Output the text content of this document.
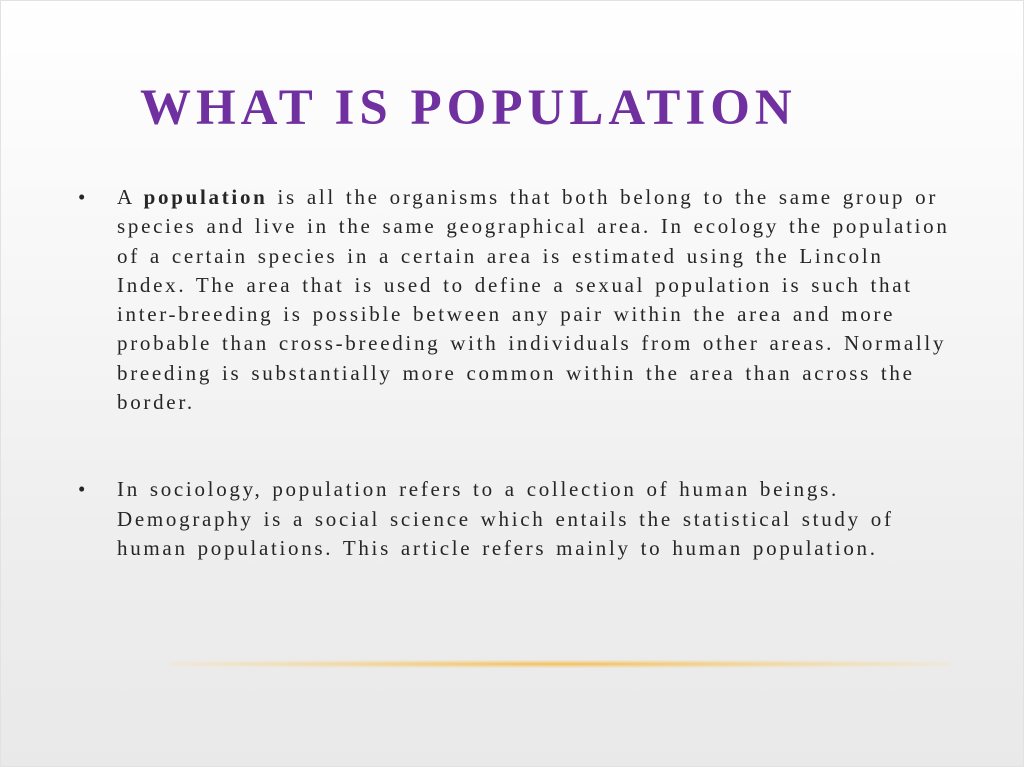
WHAT IS POPULATION
• A population is all the organisms that both belong to the same group or species and live in the same geographical area. In ecology the population of a certain species in a certain area is estimated using the Lincoln Index. The area that is used to define a sexual population is such that inter-breeding is possible between any pair within the area and more probable than cross-breeding with individuals from other areas. Normally breeding is substantially more common within the area than across the border.
• In sociology, population refers to a collection of human beings. Demography is a social science which entails the statistical study of human populations. This article refers mainly to human population.
